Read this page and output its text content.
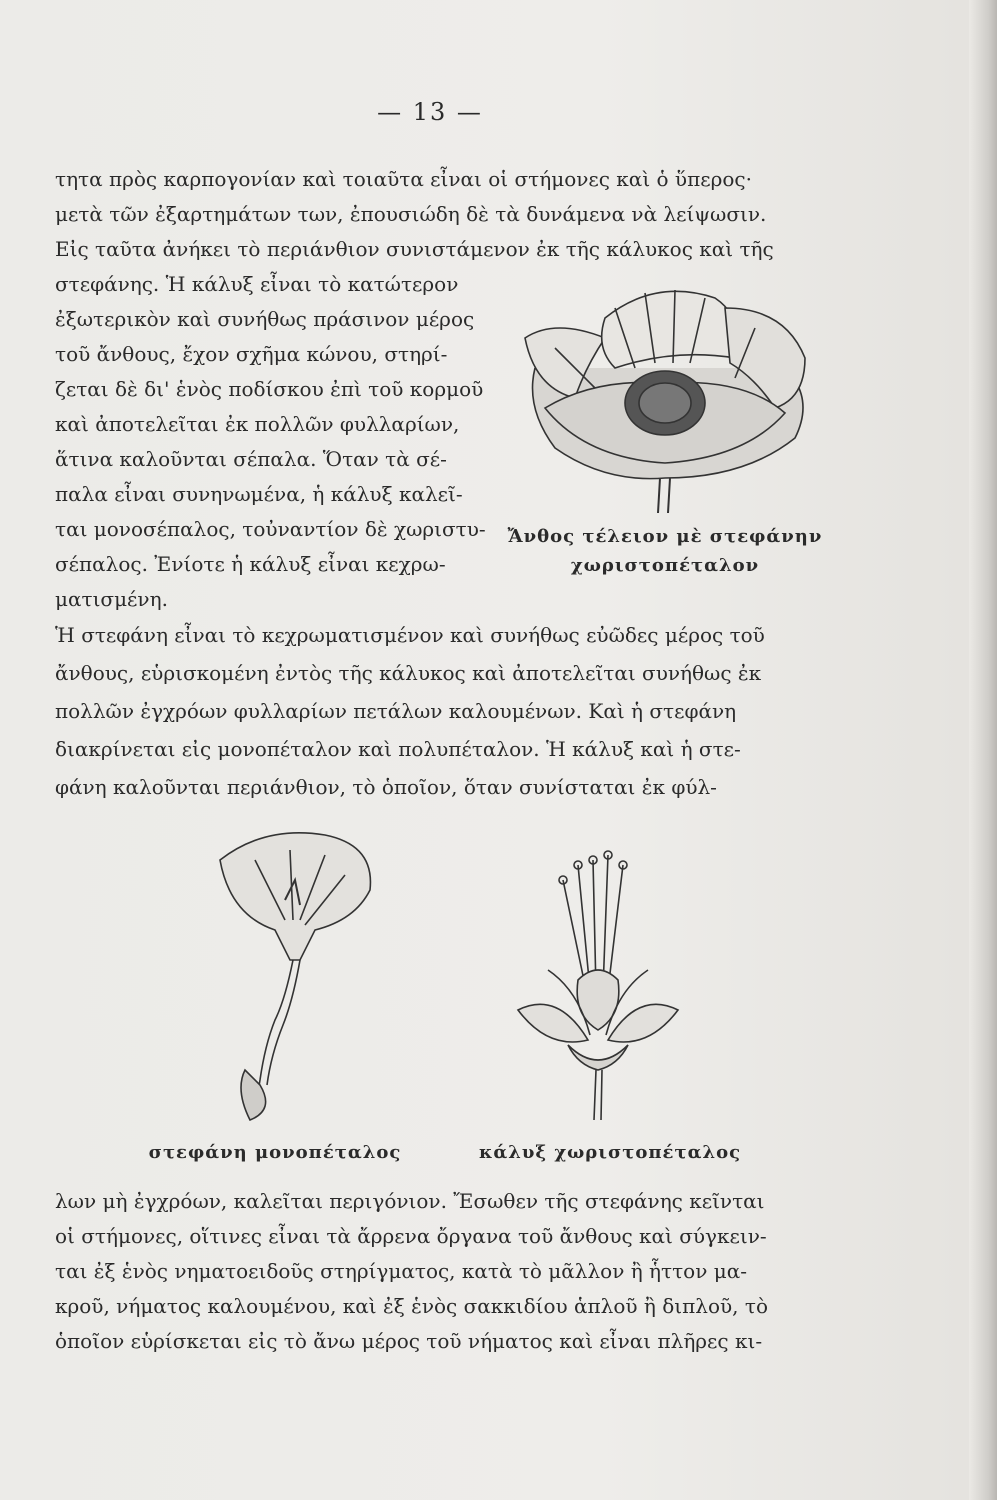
— 13 —
τητα πρὸς καρπογονίαν καὶ τοιαῦτα εἶναι οἱ στήμονες καὶ ὁ ὕπερος·
μετὰ τῶν ἐξαρτημάτων των, ἐπουσιώδη δὲ τὰ δυνάμενα νὰ λείψωσιν.
Εἰς ταῦτα ἀνήκει τὸ περιάνθιον συνιστάμενον ἐκ τῆς κάλυκος καὶ τῆς
στεφάνης. Ἡ κάλυξ εἶναι τὸ κατώτερον
ἐξωτερικὸν καὶ συνήθως πράσινον μέρος
τοῦ ἄνθους, ἔχον σχῆμα κώνου, στηρί-
ζεται δὲ δι' ἑνὸς ποδίσκου ἐπὶ τοῦ κορμοῦ
καὶ ἀποτελεῖται ἐκ πολλῶν φυλλαρίων,
ἅτινα καλοῦνται σέπαλα. Ὅταν τὰ σέ-
παλα εἶναι συνηνωμένα, ἡ κάλυξ καλεῖ-
ται μονοσέπαλος, τοὐναντίον δὲ χωριστυ-
σέπαλος. Ἐνίοτε ἡ κάλυξ εἶναι κεχρω-
ματισμένη.
Ἄνθος τέλειον μὲ στεφάνην
χωριστοπέταλον
Ἡ στεφάνη εἶναι τὸ κεχρωματισμένον καὶ συνήθως εὐῶδες μέρος τοῦ
ἄνθους, εὑρισκομένη ἐντὸς τῆς κάλυκος καὶ ἀποτελεῖται συνήθως ἐκ
πολλῶν ἐγχρόων φυλλαρίων πετάλων καλουμένων. Καὶ ἡ στεφάνη
διακρίνεται εἰς μονοπέταλον καὶ πολυπέταλον. Ἡ κάλυξ καὶ ἡ στε-
φάνη καλοῦνται περιάνθιον, τὸ ὁποῖον, ὅταν συνίσταται ἐκ φύλ-
στεφάνη μονοπέταλος	κάλυξ χωριστοπέταλος
λων μὴ ἐγχρόων, καλεῖται περιγόνιον. Ἔσωθεν τῆς στεφάνης κεῖνται
οἱ στήμονες, οἵτινες εἶναι τὰ ἄρρενα ὄργανα τοῦ ἄνθους καὶ σύγκειν-
ται ἐξ ἑνὸς νηματοειδοῦς στηρίγματος, κατὰ τὸ μᾶλλον ἢ ἧττον μα-
κροῦ, νήματος καλουμένου, καὶ ἐξ ἑνὸς σακκιδίου ἁπλοῦ ἢ διπλοῦ, τὸ
ὁποῖον εὑρίσκεται εἰς τὸ ἄνω μέρος τοῦ νήματος καὶ εἶναι πλῆρες κι-
